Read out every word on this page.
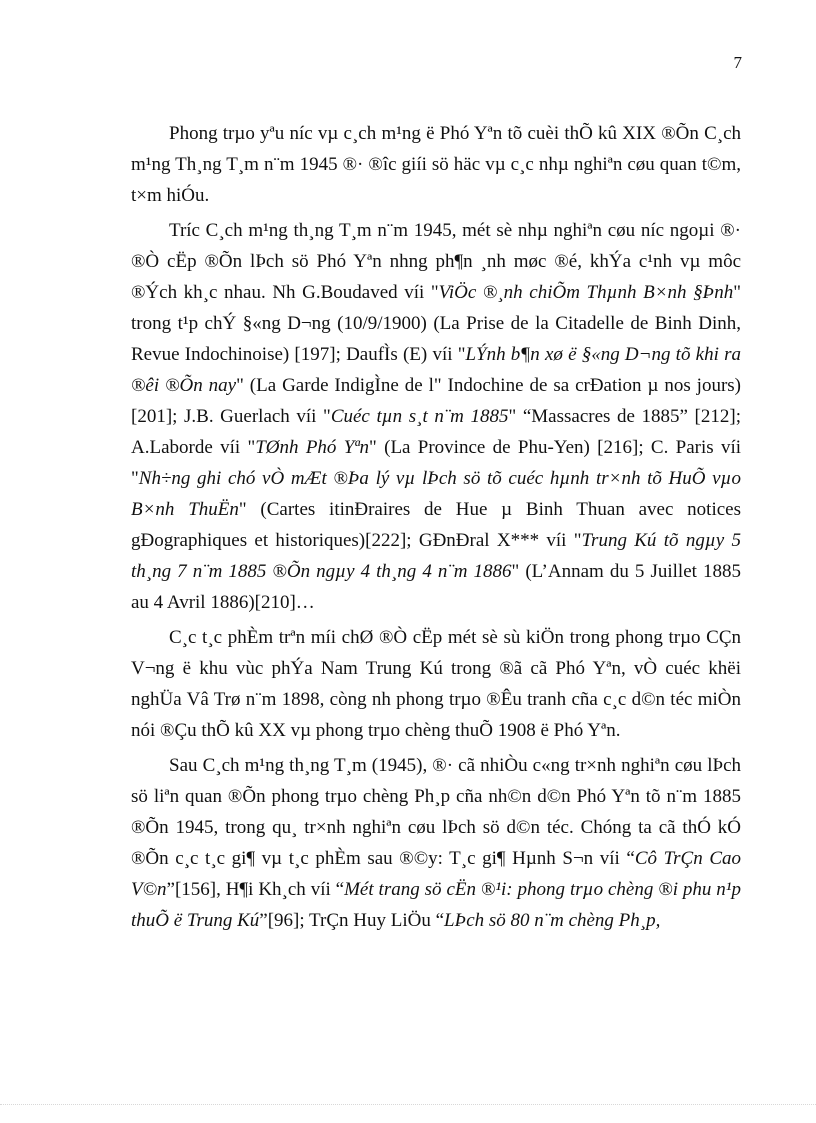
7

Phong trµo yªu níc vµ c¸ch m¹ng ë Phó Yªn tõ cuèi thÕ kû XIX ®Õn C¸ch m¹ng Th¸ng T¸m n¨m 1945 ®· ®îc giíi sö häc vµ c¸c nhµ nghiªn cøu quan t©m, t×m hiÓu.

Tríc C¸ch m¹ng th¸ng T¸m n¨m 1945, mét sè nhµ nghiªn cøu níc ngoµi ®· ®Ò cËp ®Õn lÞch sö Phó Yªn nhng ph¶n ¸nh møc ®é, khÝa c¹nh vµ môc ®Ých kh¸c nhau. Nh G.Boudaved víi "ViÖc ®¸nh chiÕm Thµnh B×nh §Þnh" trong t¹p chÝ §«ng D¬ng (10/9/1900) (La Prise de la Citadelle de Binh Dinh, Revue Indochinoise) [197]; DaufÌs (E) víi "LÝnh b¶n xø ë §«ng D¬ng tõ khi ra ®êi ®Õn nay" (La Garde IndigÌne de l" Indochine de sa crÐation µ nos jours) [201]; J.B. Guerlach víi "Cuéc tµn s¸t n¨m 1885" “Massacres de 1885” [212]; A.Laborde víi "TØnh Phó Yªn" (La Province de Phu-Yen) [216]; C. Paris víi "Nh÷ng ghi chó vÒ mÆt ®Þa lý vµ lÞch sö tõ cuéc hµnh tr×nh tõ HuÕ vµo B×nh ThuËn" (Cartes itinÐraires de Hue µ Binh Thuan avec notices gÐographiques et historiques)[222]; GÐnÐral X*** víi "Trung Kú tõ ngµy 5 th¸ng 7 n¨m 1885 ®Õn ngµy 4 th¸ng 4 n¨m 1886" (L’Annam du 5 Juillet 1885 au 4 Avril 1886)[210]…

C¸c t¸c phÈm trªn míi chØ ®Ò cËp mét sè sù kiÖn trong phong trµo CÇn V¬ng ë khu vùc phÝa Nam Trung Kú trong ®ã cã Phó Yªn, vÒ cuéc khëi nghÜa Vâ Trø n¨m 1898, còng nh phong trµo ®Êu tranh cña c¸c d©n téc miÒn nói ®Çu thÕ kû XX vµ phong trµo chèng thuÕ 1908 ë Phó Yªn.

Sau C¸ch m¹ng th¸ng T¸m (1945), ®· cã nhiÒu c«ng tr×nh nghiªn cøu lÞch sö liªn quan ®Õn phong trµo chèng Ph¸p cña nh©n d©n Phó Yªn tõ n¨m 1885 ®Õn 1945, trong qu¸ tr×nh nghiªn cøu lÞch sö d©n téc. Chóng ta cã thÓ kÓ ®Õn c¸c t¸c gi¶ vµ t¸c phÈm sau ®©y: T¸c gi¶ Hµnh S¬n víi “Cô TrÇn Cao V©n”[156], H¶i Kh¸ch víi “Mét trang sö cËn ®¹i: phong trµo chèng ®i phu n¹p thuÕ ë Trung Kú”[96]; TrÇn Huy LiÖu “LÞch sö 80 n¨m chèng Ph¸p,
